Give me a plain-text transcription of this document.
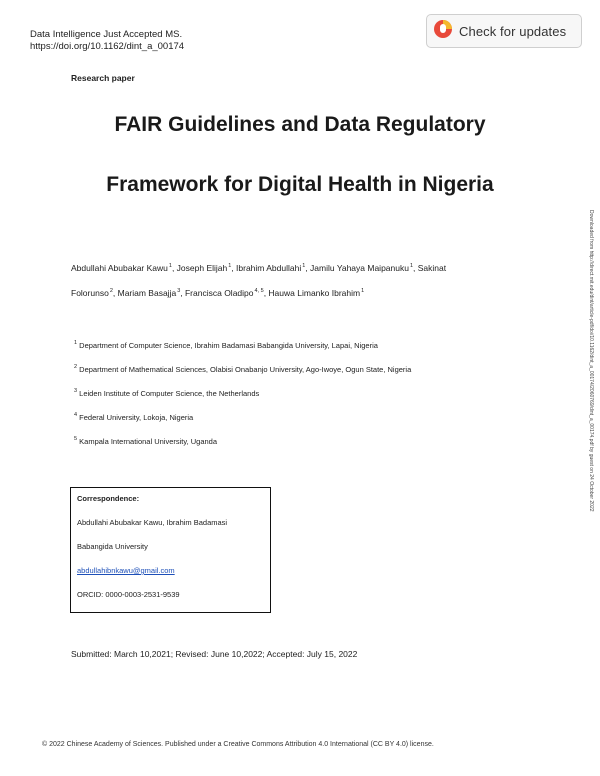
Data Intelligence Just Accepted MS.
https://doi.org/10.1162/dint_a_00174
Check for updates
Research paper
FAIR Guidelines and Data Regulatory
Framework for Digital Health in Nigeria
Abdullahi Abubakar Kawu$^1$, Joseph Elijah$^1$, Ibrahim Abdullahi$^1$, Jamilu Yahaya Maipanuku$^1$, Sakinat
Folorunso$^2$, Mariam Basajja$^3$, Francisca Oladipo$^{4, 5}$, Hauwa Limanko Ibrahim$^1$
$^1$ Department of Computer Science, Ibrahim Badamasi Babangida University, Lapai, Nigeria
$^2$ Department of Mathematical Sciences, Olabisi Onabanjo University, Ago-Iwoye, Ogun State, Nigeria
$^3$ Leiden Institute of Computer Science, the Netherlands
$^4$ Federal University, Lokoja, Nigeria
$^5$ Kampala International University, Uganda
Correspondence:
Abdullahi Abubakar Kawu, Ibrahim Badamasi
Babangida University
abdullahibnkawu@gmail.com
ORCID: 0000-0003-2531-9539
Submitted: March 10,2021; Revised: June 10,2022; Accepted: July 15, 2022
© 2022 Chinese Academy of Sciences. Published under a Creative Commons Attribution 4.0 International (CC BY 4.0) license.
Downloaded from http://direct.mit.edu/dint/article-pdf/doi/10.1162/dint_a_00174/2060769/dint_a_00174.pdf by guest on 24 October 2022
